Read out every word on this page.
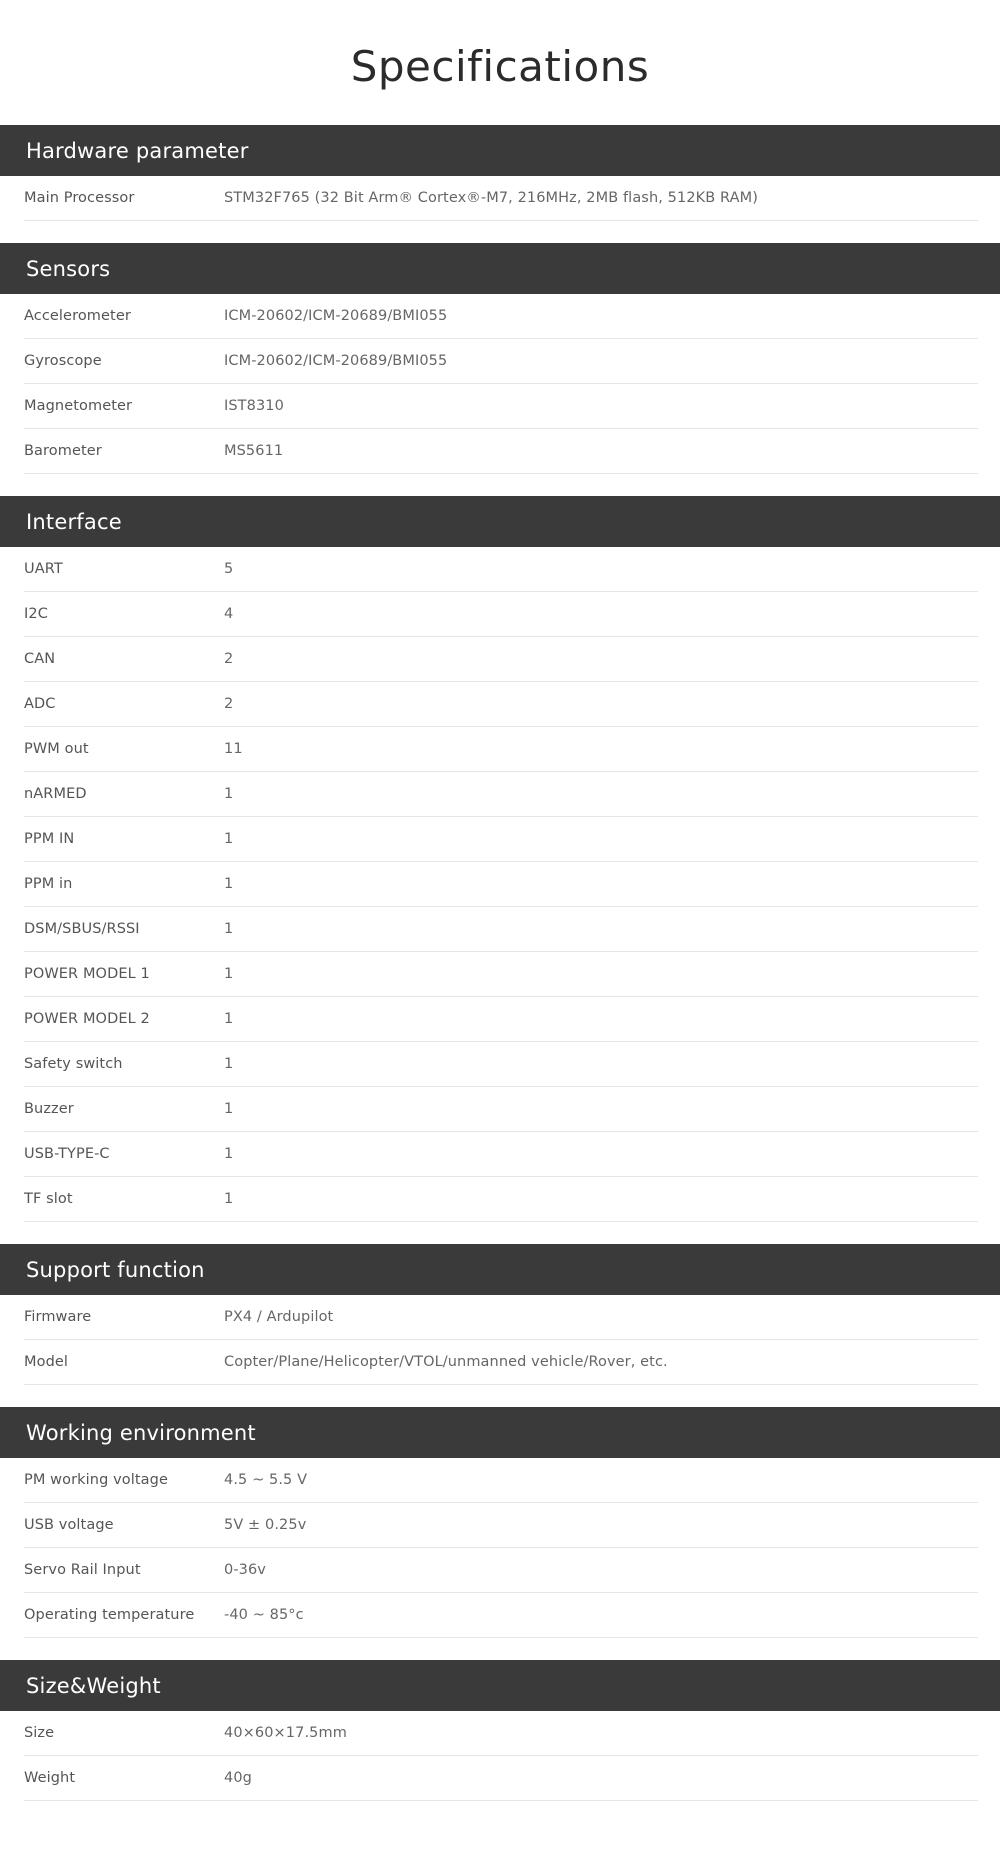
Specifications
Hardware parameter
Main Processor	STM32F765 (32 Bit Arm® Cortex®-M7, 216MHz, 2MB flash, 512KB RAM)
Sensors
Accelerometer	ICM-20602/ICM-20689/BMI055
Gyroscope	ICM-20602/ICM-20689/BMI055
Magnetometer	IST8310
Barometer	MS5611
Interface
UART	5
I2C	4
CAN	2
ADC	2
PWM out	11
nARMED	1
PPM IN	1
PPM in	1
DSM/SBUS/RSSI	1
POWER MODEL 1	1
POWER MODEL 2	1
Safety switch	1
Buzzer	1
USB-TYPE-C	1
TF slot	1
Support function
Firmware	PX4 / Ardupilot
Model	Copter/Plane/Helicopter/VTOL/unmanned vehicle/Rover, etc.
Working environment
PM working voltage	4.5 ~ 5.5 V
USB voltage	5V ± 0.25v
Servo Rail Input	0-36v
Operating temperature	-40 ~ 85°c
Size&Weight
Size	40×60×17.5mm
Weight	40g
